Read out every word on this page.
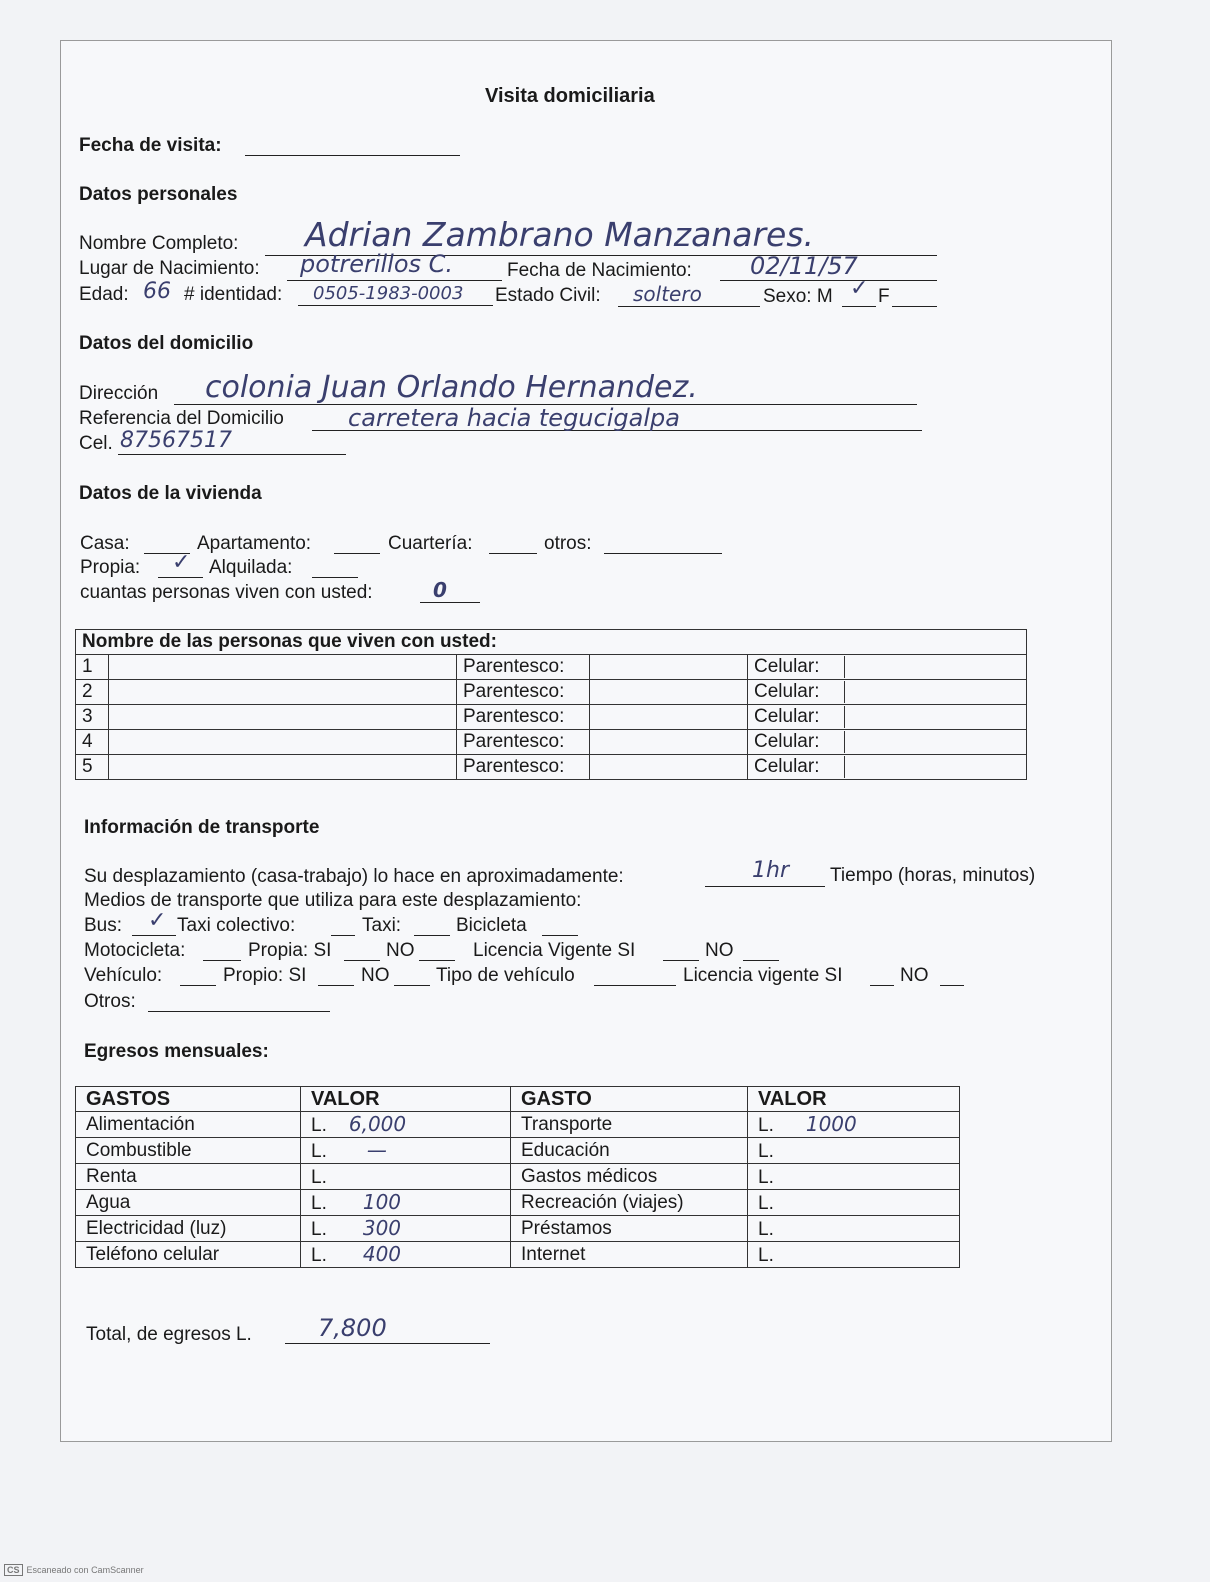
Visita domiciliaria
Fecha de visita:
Datos personales
Nombre Completo: Adrian Zambrano Manzanares.
Lugar de Nacimiento: potrerillos C.	Fecha de Nacimiento: 02/11/57
Edad: 66 # identidad: 0505-1983-0003 Estado Civil: soltero	Sexo: M ✓ F
Datos del domicilio
Dirección colonia Juan Orlando Hernandez.
Referencia del Domicilio	carretera hacia tegucigalpa
Cel. 87567517
Datos de la vivienda
Casa:	Apartamento:	Cuartería:	otros:
Propia: ✓ Alquilada:
cuantas personas viven con usted:	0
Nombre de las personas que viven con usted:				
1		Parentesco:		Celular:
2		Parentesco:		Celular:
3		Parentesco:		Celular:
4		Parentesco:		Celular:
5		Parentesco:		Celular:
Información de transporte
Su desplazamiento (casa-trabajo) lo hace en aproximadamente:	1hr Tiempo (horas, minutos)
Medios de transporte que utiliza para este desplazamiento:
Bus: ✓ Taxi colectivo:	Taxi:	Bicicleta
Motocicleta:	Propia: SI	NO	Licencia Vigente SI	NO
Vehículo:	Propio: SI	NO Tipo de vehículo	Licencia vigente SI	NO
Otros:
Egresos mensuales:
GASTOS	VALOR	GASTO	VALOR
Alimentación	L. 6,000	Transporte	L. 1000
Combustible	L. —	Educación	L.
Renta	L.	Gastos médicos	L.
Agua	L. 100	Recreación (viajes)	L.
Electricidad (luz)	L. 300	Préstamos	L.
Teléfono celular	L. 400	Internet	L.
Total, de egresos L.	7,800
CS Escaneado con CamScanner
